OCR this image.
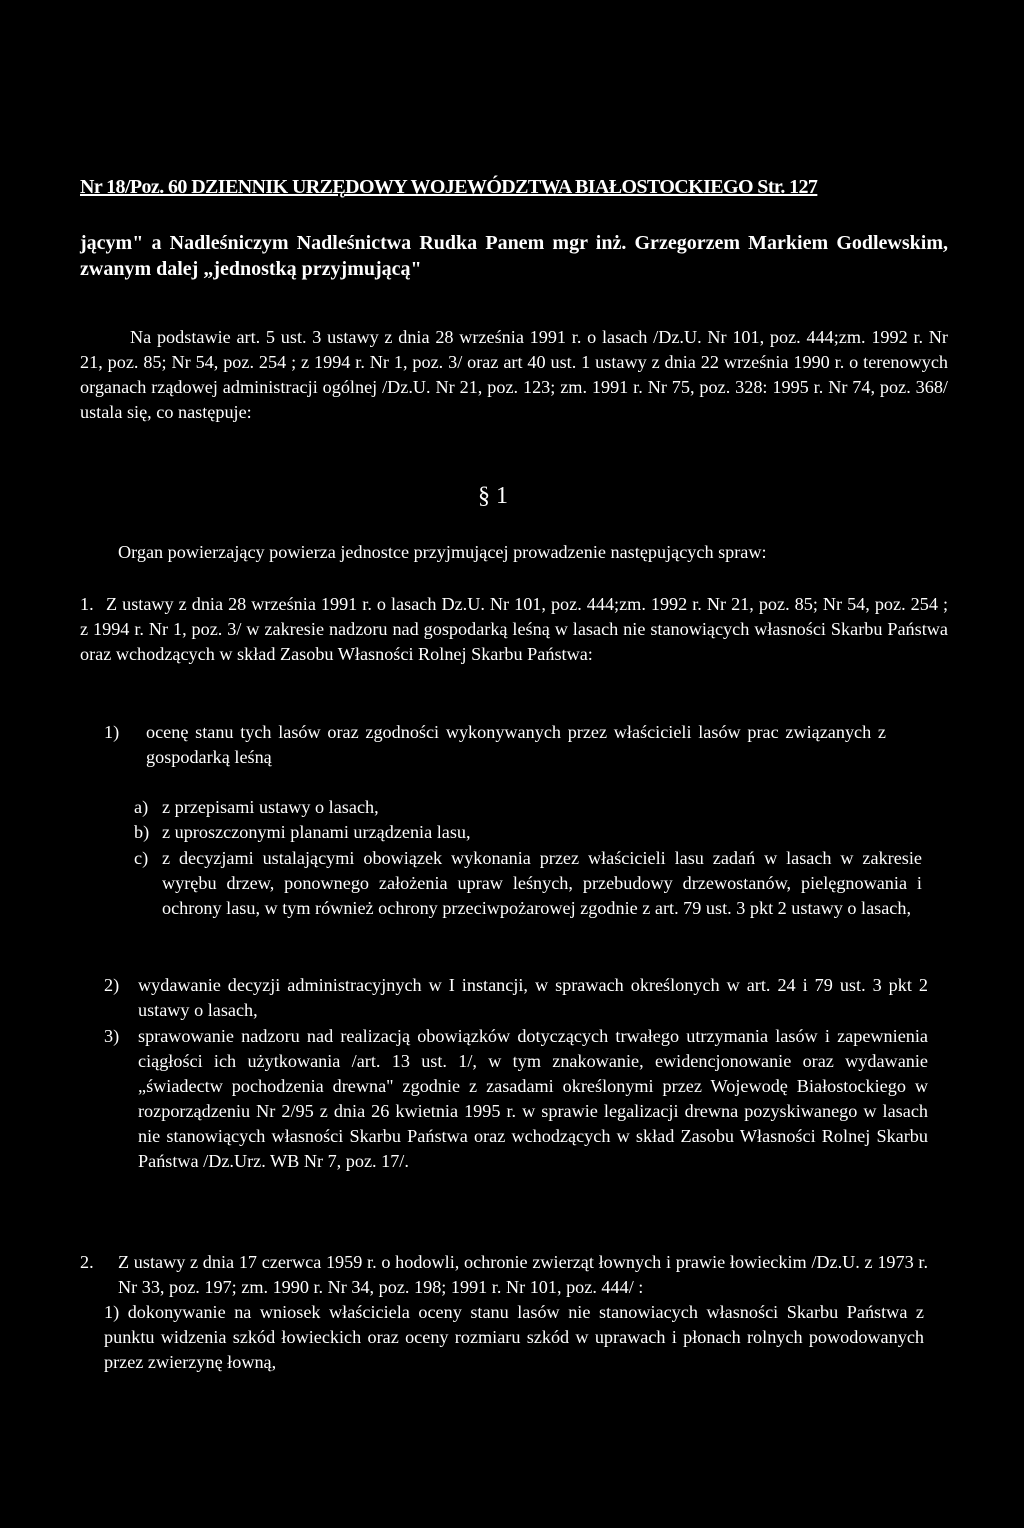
Nr 18/Poz. 60 DZIENNIK URZĘDOWY WOJEWÓDZTWA BIAŁOSTOCKIEGO Str. 127

jącym" a Nadleśniczym Nadleśnictwa Rudka Panem mgr inż. Grzegorzem Markiem Godlewskim, zwanym dalej „jednostką przyjmującą"

Na podstawie art. 5 ust. 3 ustawy z dnia 28 września 1991 r. o lasach /Dz.U. Nr 101, poz. 444;zm. 1992 r. Nr 21, poz. 85; Nr 54, poz. 254 ; z 1994 r. Nr 1, poz. 3/ oraz art 40 ust. 1 ustawy z dnia 22 września 1990 r. o terenowych organach rządowej administracji ogólnej /Dz.U. Nr 21, poz. 123; zm. 1991 r. Nr 75, poz. 328: 1995 r. Nr 74, poz. 368/ ustala się, co następuje:

§ 1

Organ powierzający powierza jednostce przyjmującej prowadzenie następujących spraw:

1. Z ustawy z dnia 28 września 1991 r. o lasach Dz.U. Nr 101, poz. 444;zm. 1992 r. Nr 21, poz. 85; Nr 54, poz. 254 ; z 1994 r. Nr 1, poz. 3/ w zakresie nadzoru nad gospodarką leśną w lasach nie stanowiących własności Skarbu Państwa oraz wchodzących w skład Zasobu Własności Rolnej Skarbu Państwa:
1) ocenę stanu tych lasów oraz zgodności wykonywanych przez właścicieli lasów prac związanych z gospodarką leśną
a) z przepisami ustawy o lasach,
b) z uproszczonymi planami urządzenia lasu,
c) z decyzjami ustalającymi obowiązek wykonania przez właścicieli lasu zadań w lasach w zakresie wyrębu drzew, ponownego założenia upraw leśnych, przebudowy drzewostanów, pielęgnowania i ochrony lasu, w tym również ochrony przeciwpożarowej zgodnie z art. 79 ust. 3 pkt 2 ustawy o lasach,
2) wydawanie decyzji administracyjnych w I instancji, w sprawach określonych w art. 24 i 79 ust. 3 pkt 2 ustawy o lasach,
3) sprawowanie nadzoru nad realizacją obowiązków dotyczących trwałego utrzymania lasów i zapewnienia ciągłości ich użytkowania /art. 13 ust. 1/, w tym znakowanie, ewidencjonowanie oraz wydawanie „świadectw pochodzenia drewna" zgodnie z zasadami określonymi przez Wojewodę Białostockiego w rozporządzeniu Nr 2/95 z dnia 26 kwietnia 1995 r. w sprawie legalizacji drewna pozyskiwanego w lasach nie stanowiących własności Skarbu Państwa oraz wchodzących w skład Zasobu Własności Rolnej Skarbu Państwa /Dz.Urz. WB Nr 7, poz. 17/.
2. Z ustawy z dnia 17 czerwca 1959 r. o hodowli, ochronie zwierząt łownych i prawie łowieckim /Dz.U. z 1973 r. Nr 33, poz. 197; zm. 1990 r. Nr 34, poz. 198; 1991 r. Nr 101, poz. 444/ :
1) dokonywanie na wniosek właściciela oceny stanu lasów nie stanowiacych własności Skarbu Państwa z punktu widzenia szkód łowieckich oraz oceny rozmiaru szkód w uprawach i płonach rolnych powodowanych przez zwierzynę łowną,
